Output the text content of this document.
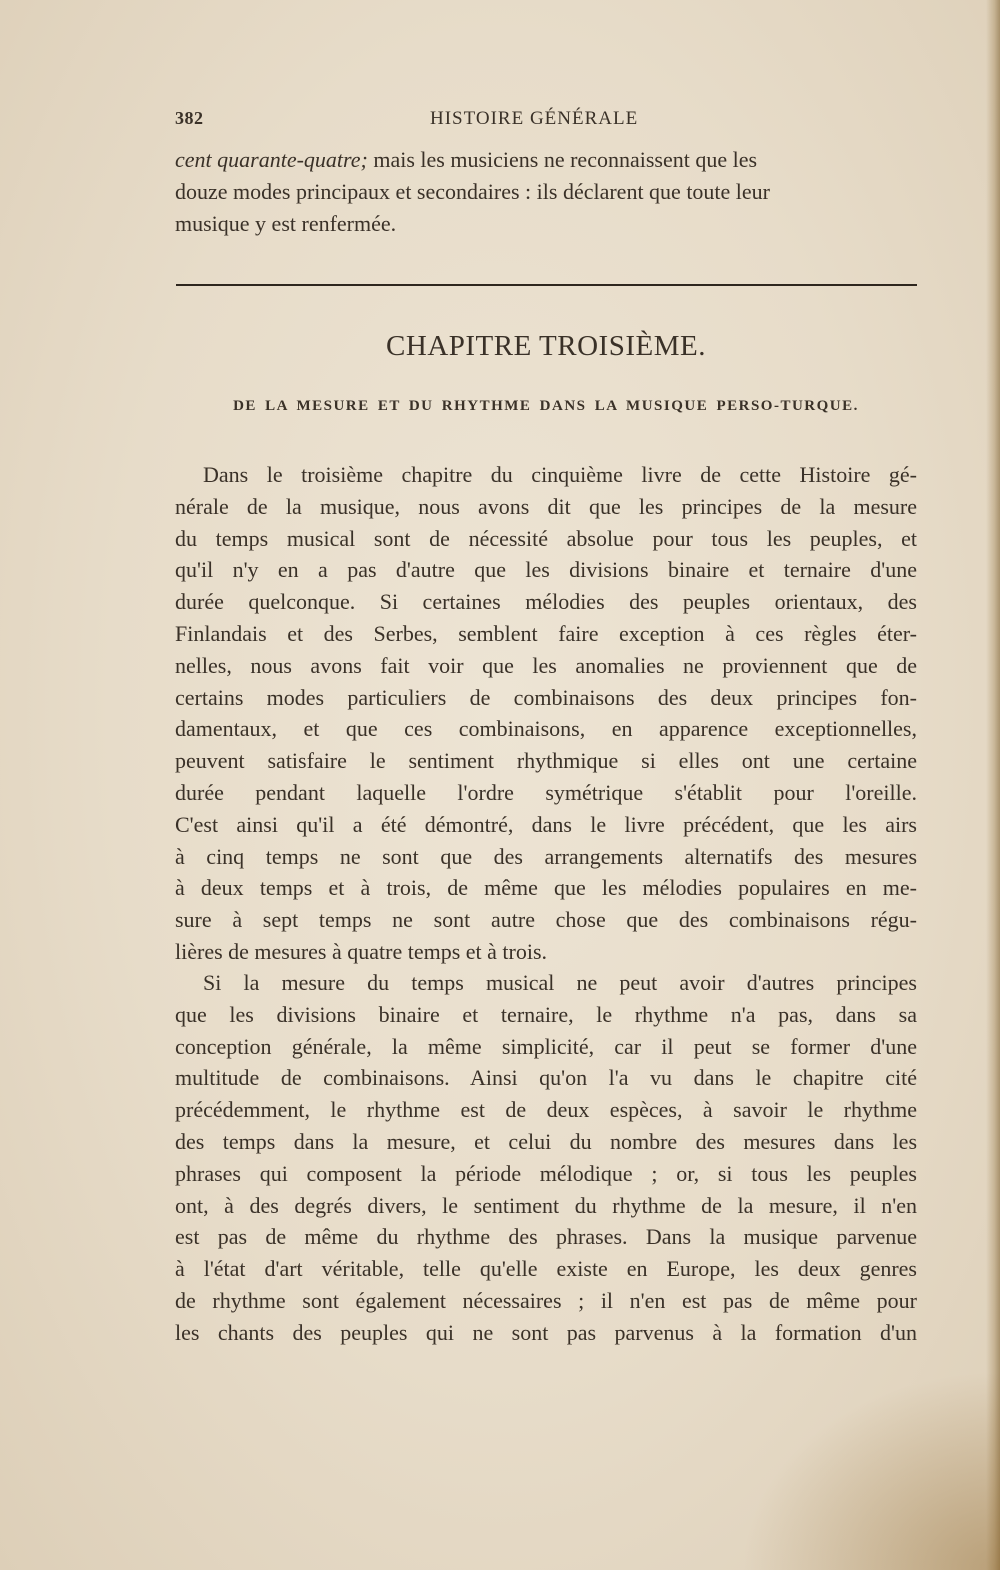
382	HISTOIRE GÉNÉRALE
cent quarante-quatre; mais les musiciens ne reconnaissent que les
douze modes principaux et secondaires : ils déclarent que toute leur
musique y est renfermée.
CHAPITRE TROISIÈME.
DE LA MESURE ET DU RHYTHME DANS LA MUSIQUE PERSO-TURQUE.
Dans le troisième chapitre du cinquième livre de cette Histoire gé-
nérale de la musique, nous avons dit que les principes de la mesure
du temps musical sont de nécessité absolue pour tous les peuples, et
qu'il n'y en a pas d'autre que les divisions binaire et ternaire d'une
durée quelconque. Si certaines mélodies des peuples orientaux, des
Finlandais et des Serbes, semblent faire exception à ces règles éter-
nelles, nous avons fait voir que les anomalies ne proviennent que de
certains modes particuliers de combinaisons des deux principes fon-
damentaux, et que ces combinaisons, en apparence exceptionnelles,
peuvent satisfaire le sentiment rhythmique si elles ont une certaine
durée pendant laquelle l'ordre symétrique s'établit pour l'oreille.
C'est ainsi qu'il a été démontré, dans le livre précédent, que les airs
à cinq temps ne sont que des arrangements alternatifs des mesures
à deux temps et à trois, de même que les mélodies populaires en me-
sure à sept temps ne sont autre chose que des combinaisons régu-
lières de mesures à quatre temps et à trois.
Si la mesure du temps musical ne peut avoir d'autres principes
que les divisions binaire et ternaire, le rhythme n'a pas, dans sa
conception générale, la même simplicité, car il peut se former d'une
multitude de combinaisons. Ainsi qu'on l'a vu dans le chapitre cité
précédemment, le rhythme est de deux espèces, à savoir le rhythme
des temps dans la mesure, et celui du nombre des mesures dans les
phrases qui composent la période mélodique ; or, si tous les peuples
ont, à des degrés divers, le sentiment du rhythme de la mesure, il n'en
est pas de même du rhythme des phrases. Dans la musique parvenue
à l'état d'art véritable, telle qu'elle existe en Europe, les deux genres
de rhythme sont également nécessaires ; il n'en est pas de même pour
les chants des peuples qui ne sont pas parvenus à la formation d'un
